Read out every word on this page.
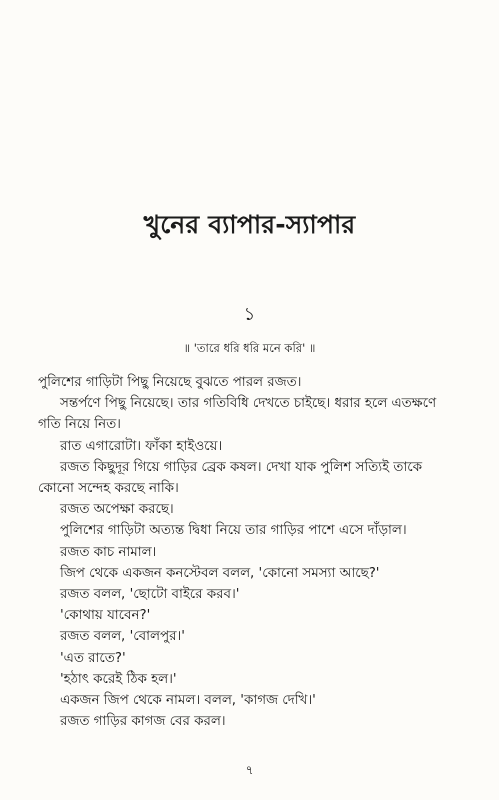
খুনের ব্যাপার-স্যাপার
১
॥ 'তারে ধরি ধরি মনে করি' ॥

পুলিশের গাড়িটা পিছু নিয়েছে বুঝতে পারল রজত।

সন্তর্পণে পিছু নিয়েছে। তার গতিবিধি দেখতে চাইছে। ধরার হলে এতক্ষণে

গতি নিয়ে নিত।

রাত এগারোটা। ফাঁকা হাইওয়ে।

রজত কিছুদূর গিয়ে গাড়ির ব্রেক কষল। দেখা যাক পুলিশ সত্যিই তাকে

কোনো সন্দেহ করছে নাকি।

রজত অপেক্ষা করছে।

পুলিশের গাড়িটা অত্যন্ত দ্বিধা নিয়ে তার গাড়ির পাশে এসে দাঁড়াল।

রজত কাচ নামাল।

জিপ থেকে একজন কনস্টেবল বলল, 'কোনো সমস্যা আছে?'

রজত বলল, 'ছোটো বাইরে করব।'

'কোথায় যাবেন?'

রজত বলল, 'বোলপুর।'

'এত রাতে?'

'হঠাৎ করেই ঠিক হল।'

একজন জিপ থেকে নামল। বলল, 'কাগজ দেখি।'

রজত গাড়ির কাগজ বের করল।

৭
